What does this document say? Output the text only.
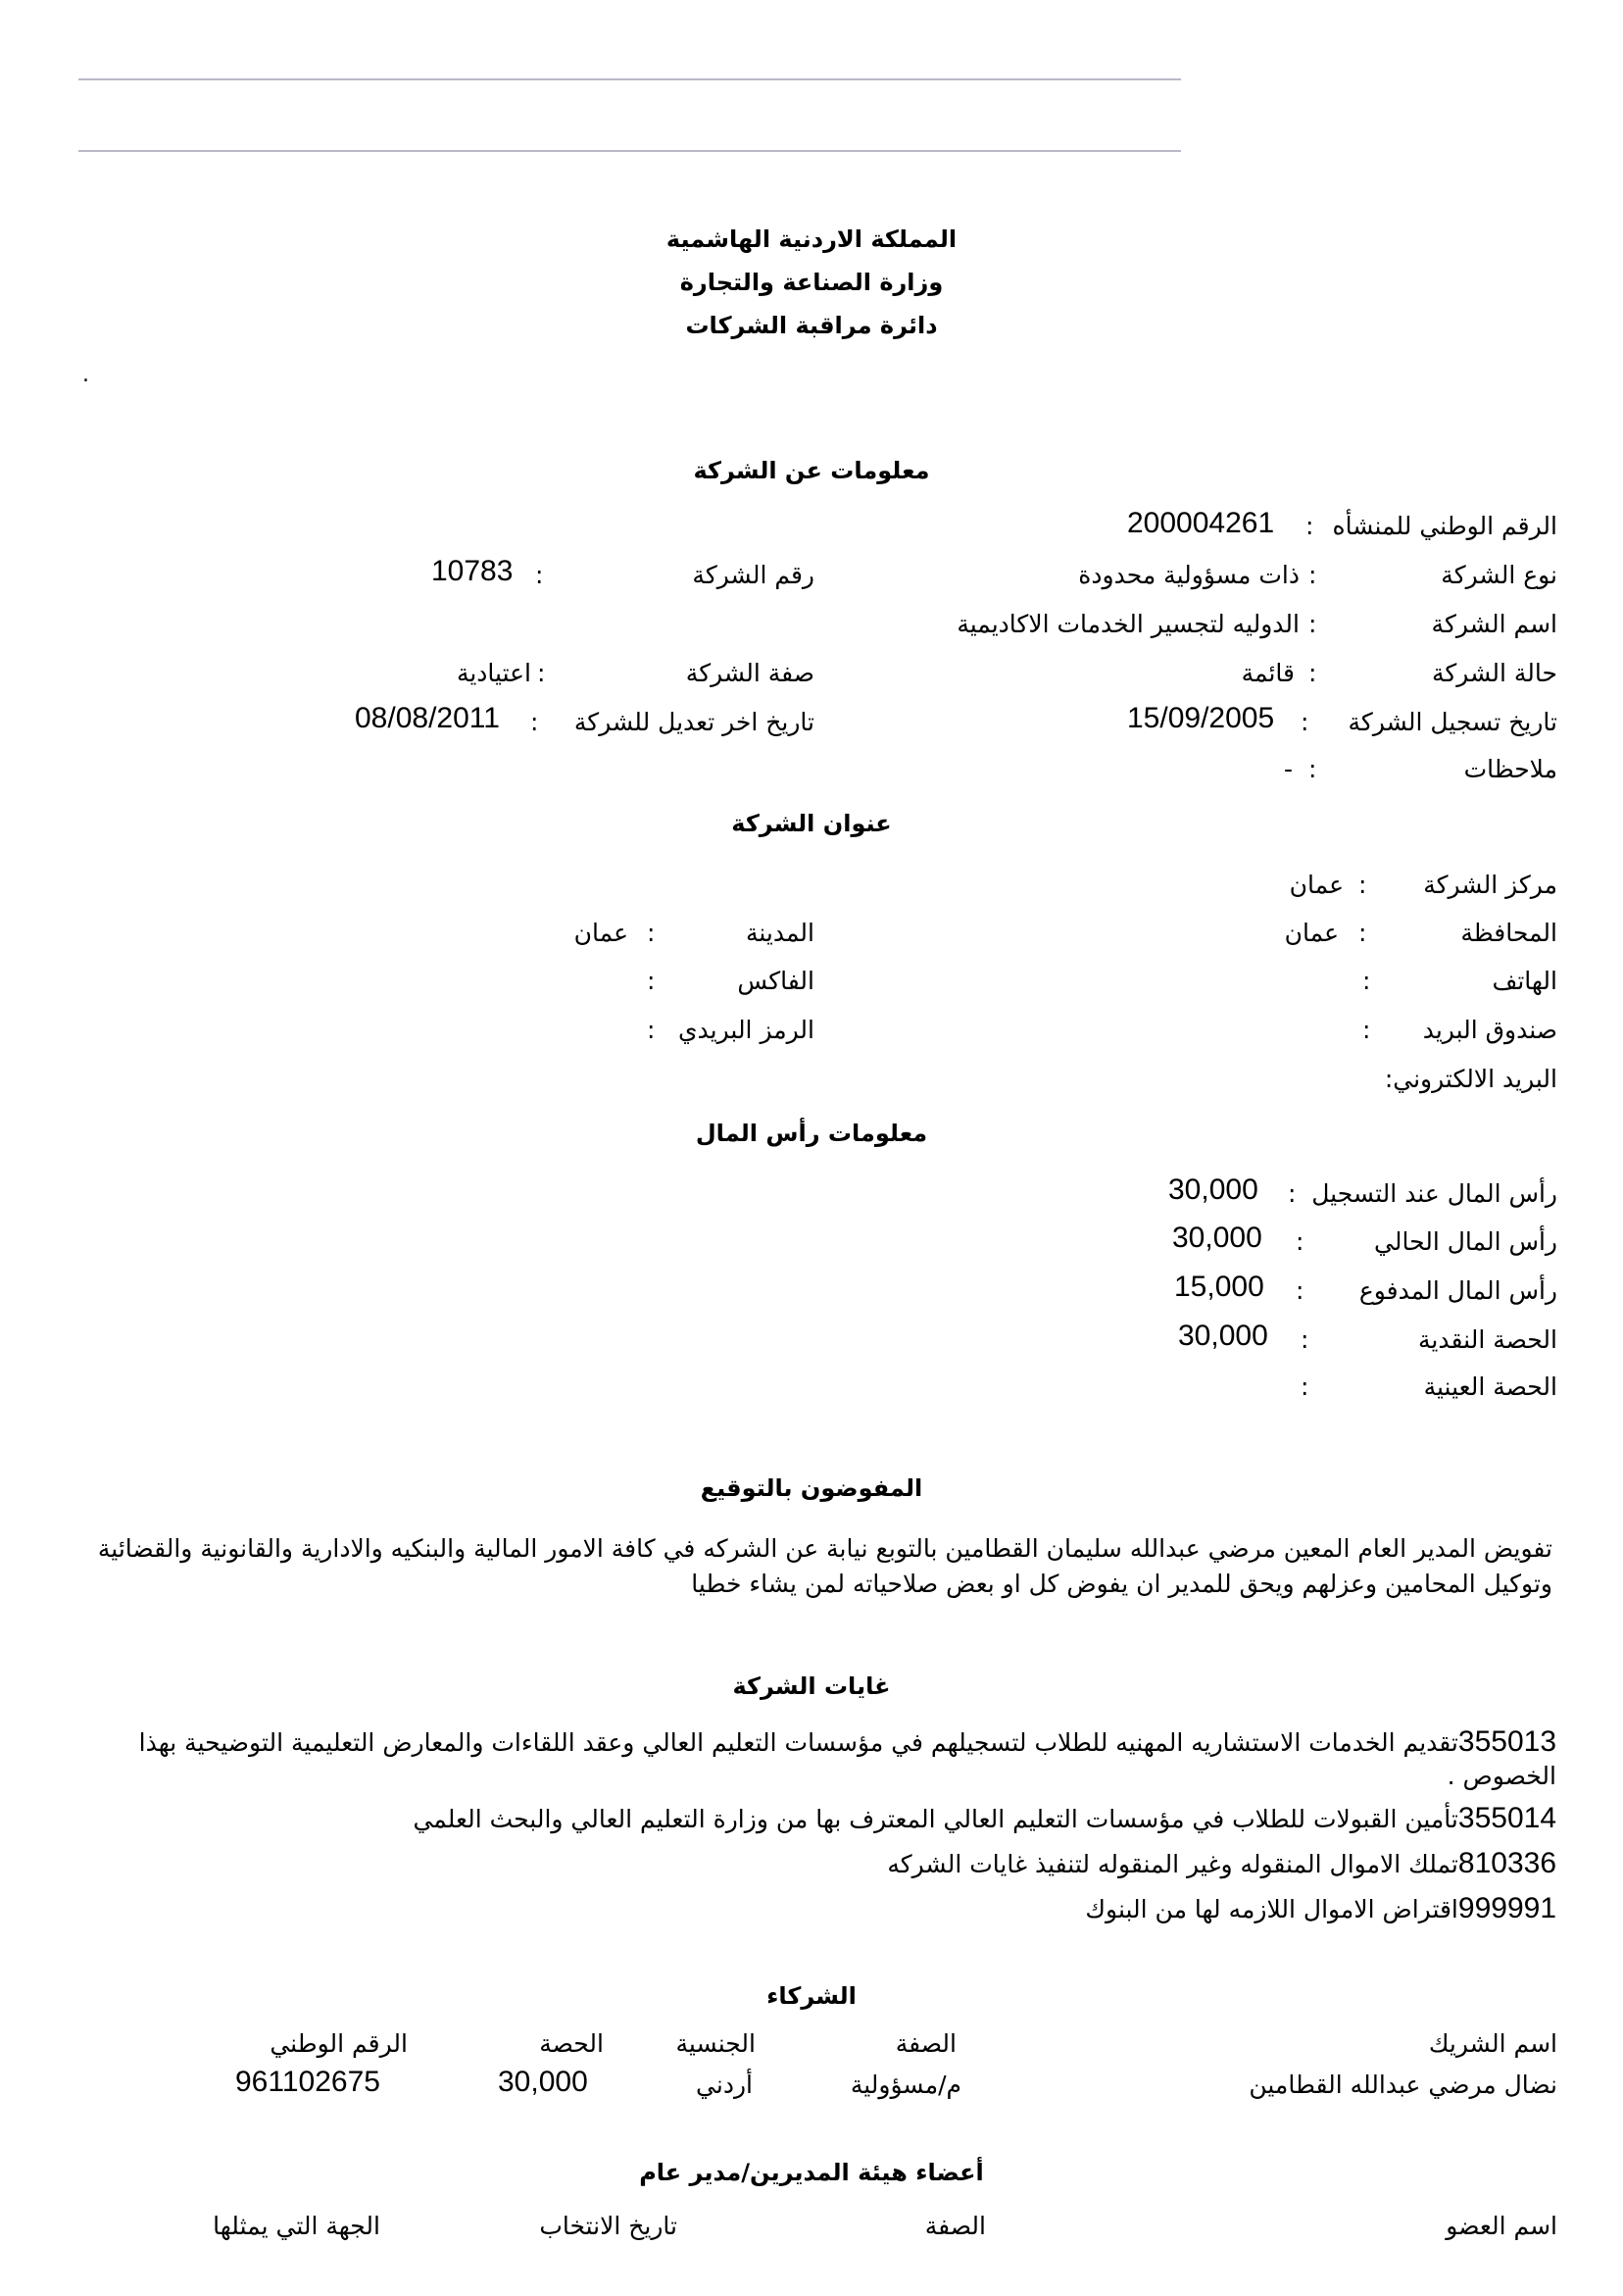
المملكة الاردنية الهاشمية
وزارة الصناعة والتجارة
دائرة مراقبة الشركات
.
معلومات عن الشركة
الرقم الوطني للمنشأه
:
200004261
نوع الشركة
:
ذات مسؤولية محدودة
رقم الشركة
:
10783
اسم الشركة
:
الدوليه لتجسير الخدمات الاكاديمية
حالة الشركة
:
قائمة
صفة الشركة
:
اعتيادية
تاريخ تسجيل الشركة
:
15/09/2005
تاريخ اخر تعديل للشركة
:
08/08/2011
ملاحظات
:
-
عنوان الشركة
مركز الشركة
:
عمان
المحافظة
:
عمان
المدينة
:
عمان
الهاتف
:
الفاكس
:
صندوق البريد
:
الرمز البريدي
:
البريد الالكتروني:
معلومات رأس المال
رأس المال عند التسجيل
:
30,000
رأس المال الحالي
:
30,000
رأس المال المدفوع
:
15,000
الحصة النقدية
:
30,000
الحصة العينية
:
المفوضون بالتوقيع
تفويض المدير العام المعين مرضي عبدالله سليمان القطامين بالتوبع نيابة عن الشركه في كافة الامور المالية والبنكيه والادارية والقانونية والقضائية وتوكيل المحامين وعزلهم ويحق للمدير ان يفوض كل او بعض صلاحياته لمن يشاء خطيا
غايات الشركة
355013تقديم الخدمات الاستشاريه المهنيه للطلاب لتسجيلهم في مؤسسات التعليم العالي وعقد اللقاءات والمعارض التعليمية التوضيحية بهذا الخصوص .
355014تأمين القبولات للطلاب في مؤسسات التعليم العالي المعترف بها من وزارة التعليم العالي والبحث العلمي
810336تملك الاموال المنقوله وغير المنقوله لتنفيذ غايات الشركه
999991اقتراض الاموال اللازمه لها من البنوك
الشركاء
اسم الشريك
الصفة
الجنسية
الحصة
الرقم الوطني
نضال مرضي عبدالله القطامين
م/مسؤولية
أردني
30,000
961102675
أعضاء هيئة المديرين/مدير عام
اسم العضو
الصفة
تاريخ الانتخاب
الجهة التي يمثلها
